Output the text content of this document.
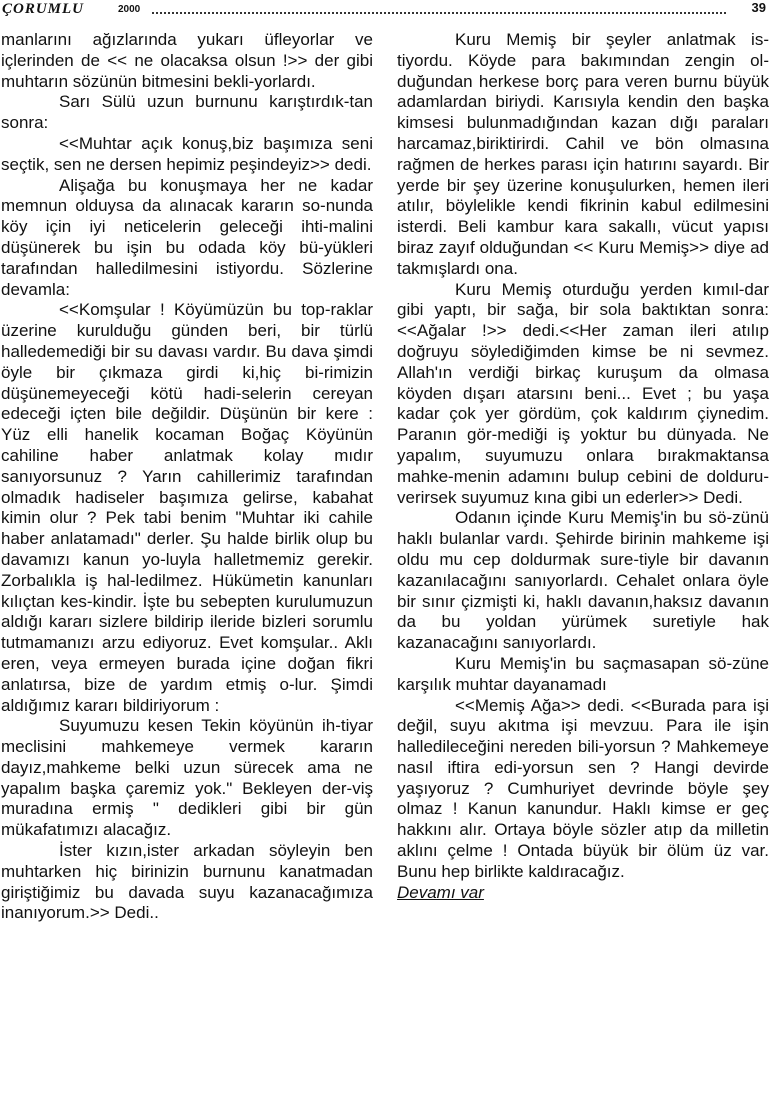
ÇORUMLU	2000	39

manlarını ağızlarında yukarı üfleyorlar ve içlerinden de << ne olacaksa olsun !>> der gibi muhtarın sözünün bitmesini bekli-yorlardı.

Sarı Sülü uzun burnunu karıştırdık-tan sonra:

<<Muhtar açık konuş,biz başımıza seni seçtik, sen ne dersen hepimiz peşindeyiz>> dedi.

Alişağa bu konuşmaya her ne kadar memnun olduysa da alınacak kararın so-nunda köy için iyi neticelerin geleceği ihti-malini düşünerek bu işin bu odada köy bü-yükleri tarafından halledilmesini istiyordu. Sözlerine devamla:

<<Komşular ! Köyümüzün bu top-raklar üzerine kurulduğu günden beri, bir türlü halledemediği bir su davası vardır. Bu dava şimdi öyle bir çıkmaza girdi ki,hiç bi-rimizin düşünemeyeceği kötü hadi-selerin cereyan edeceği içten bile değildir. Düşünün bir kere : Yüz elli hanelik kocaman Boğaç Köyünün cahiline haber anlatmak kolay mıdır sanıyorsunuz ? Yarın cahillerimiz tarafından olmadık hadiseler başımıza gelirse, kabahat kimin olur ? Pek tabi benim "Muhtar iki cahile haber anlatamadı" derler. Şu halde birlik olup bu davamızı kanun yo-luyla halletmemiz gerekir. Zorbalıkla iş hal-ledilmez. Hükümetin kanunları kılıçtan kes-kindir. İşte bu sebepten kurulumuzun aldığı kararı sizlere bildirip ileride bizleri sorumlu tutmamanızı arzu ediyoruz. Evet komşular.. Aklı eren, veya ermeyen burada içine doğan fikri anlatırsa, bize de yardım etmiş o-lur. Şimdi aldığımız kararı bildiriyorum :

Suyumuzu kesen Tekin köyünün ih-tiyar meclisini mahkemeye vermek kararın dayız,mahkeme belki uzun sürecek ama ne yapalım başka çaremiz yok." Bekleyen der-viş muradına ermiş " dedikleri gibi bir gün mükafatımızı alacağız.

İster kızın,ister arkadan söyleyin ben muhtarken hiç birinizin burnunu kanatmadan giriştiğimiz bu davada suyu kazanacağımıza inanıyorum.>> Dedi..

Kuru Memiş bir şeyler anlatmak is-tiyordu. Köyde para bakımından zengin ol-duğundan herkese borç para veren burnu büyük adamlardan biriydi. Karısıyla kendin den başka kimsesi bulunmadığından kazan dığı paraları harcamaz,biriktirirdi. Cahil ve bön olmasına rağmen de herkes parası için hatırını sayardı. Bir yerde bir şey üzerine konuşulurken, hemen ileri atılır, böylelikle kendi fikrinin kabul edilmesini isterdi. Beli kambur kara sakallı, vücut yapısı biraz zayıf olduğundan << Kuru Memiş>> diye ad takmışlardı ona.

Kuru Memiş oturduğu yerden kımıl-dar gibi yaptı, bir sağa, bir sola baktıktan sonra: <<Ağalar !>> dedi.<<Her zaman ileri atılıp doğruyu söylediğimden kimse be ni sevmez. Allah'ın verdiği birkaç kuruşum da olmasa köyden dışarı atarsını beni... Evet ; bu yaşa kadar çok yer gördüm, çok kaldırım çiynedim. Paranın gör-mediği iş yoktur bu dünyada. Ne yapalım, suyumuzu onlara bırakmaktansa mahke-menin adamını bulup cebini de dolduru-verirsek suyumuz kına gibi un ederler>> Dedi.

Odanın içinde Kuru Memiş'in bu sö-zünü haklı bulanlar vardı. Şehirde birinin mahkeme işi oldu mu cep doldurmak sure-tiyle bir davanın kazanılacağını sanıyorlardı. Cehalet onlara öyle bir sınır çizmişti ki, haklı davanın,haksız davanın da bu yoldan yürümek suretiyle hak kazanacağını sanıyorlardı.

Kuru Memiş'in bu saçmasapan sö-züne karşılık muhtar dayanamadı

<<Memiş Ağa>> dedi. <<Burada para işi değil, suyu akıtma işi mevzuu. Para ile işin halledileceğini nereden bili-yorsun ? Mahkemeye nasıl iftira edi-yorsun sen ? Hangi devirde yaşıyoruz ? Cumhuriyet devrinde böyle şey olmaz ! Kanun kanundur. Haklı kimse er geç hakkını alır. Ortaya böyle sözler atıp da milletin aklını çelme ! Ontada büyük bir ölüm üz var. Bunu hep birlikte kaldıracağız.

Devamı var
